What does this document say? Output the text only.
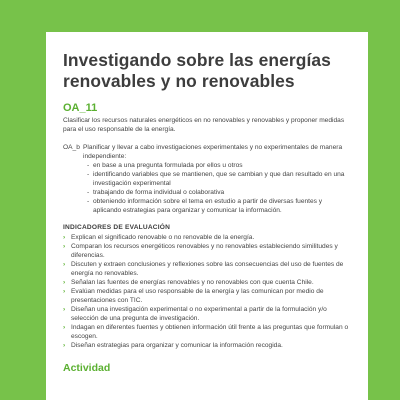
Investigando sobre las energías
renovables y no renovables
OA_11

Clasificar los recursos naturales energéticos en no renovables y renovables y proponer medidas para el uso responsable de la energía.

OA_b Planificar y llevar a cabo investigaciones experimentales y no experimentales de manera independiente:
- en base a una pregunta formulada por ellos u otros
- identificando variables que se mantienen, que se cambian y que dan resultado en una investigación experimental
- trabajando de forma individual o colaborativa
- obteniendo información sobre el tema en estudio a partir de diversas fuentes y aplicando estrategias para organizar y comunicar la información.
INDICADORES DE EVALUACIÓN
› Explican el significado renovable o no renovable de la energía.
› Comparan los recursos energéticos renovables y no renovables estableciendo similitudes y diferencias.
› Discuten y extraen conclusiones y reflexiones sobre las consecuencias del uso de fuentes de energía no renovables.
› Señalan las fuentes de energías renovables y no renovables con que cuenta Chile.
› Evalúan medidas para el uso responsable de la energía y las comunican por medio de presentaciones con TIC.
› Diseñan una investigación experimental o no experimental a partir de la formulación y/o selección de una pregunta de investigación.
› Indagan en diferentes fuentes y obtienen información útil frente a las preguntas que formulan o escogen.
› Diseñan estrategias para organizar y comunicar la información recogida.
Actividad
